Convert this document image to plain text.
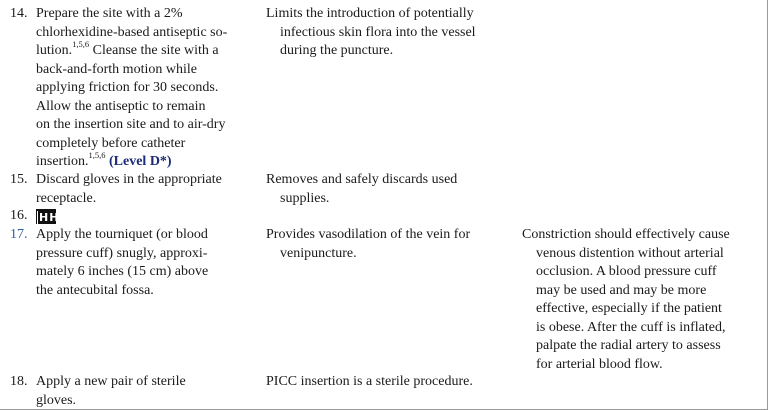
14. Prepare the site with a 2%
chlorhexidine-based antiseptic so-
lution.$^{1,5,6}$ Cleanse the site with a
back-and-forth motion while
applying friction for 30 seconds.
Allow the antiseptic to remain
on the insertion site and to air-dry
completely before catheter
insertion.$^{1,5,6}$ (Level D*)
Limits the introduction of potentially
infectious skin flora into the vessel
during the puncture.
15. Discard gloves in the appropriate
receptacle.
Removes and safely discards used
supplies.
16.	HH
17. Apply the tourniquet (or blood
pressure cuff) snugly, approxi-
mately 6 inches (15 cm) above
the antecubital fossa.
Provides vasodilation of the vein for
venipuncture.
Constriction should effectively cause
venous distention without arterial
occlusion. A blood pressure cuff
may be used and may be more
effective, especially if the patient
is obese. After the cuff is inflated,
palpate the radial artery to assess
for arterial blood flow.
18. Apply a new pair of sterile
gloves.
PICC insertion is a sterile procedure.
